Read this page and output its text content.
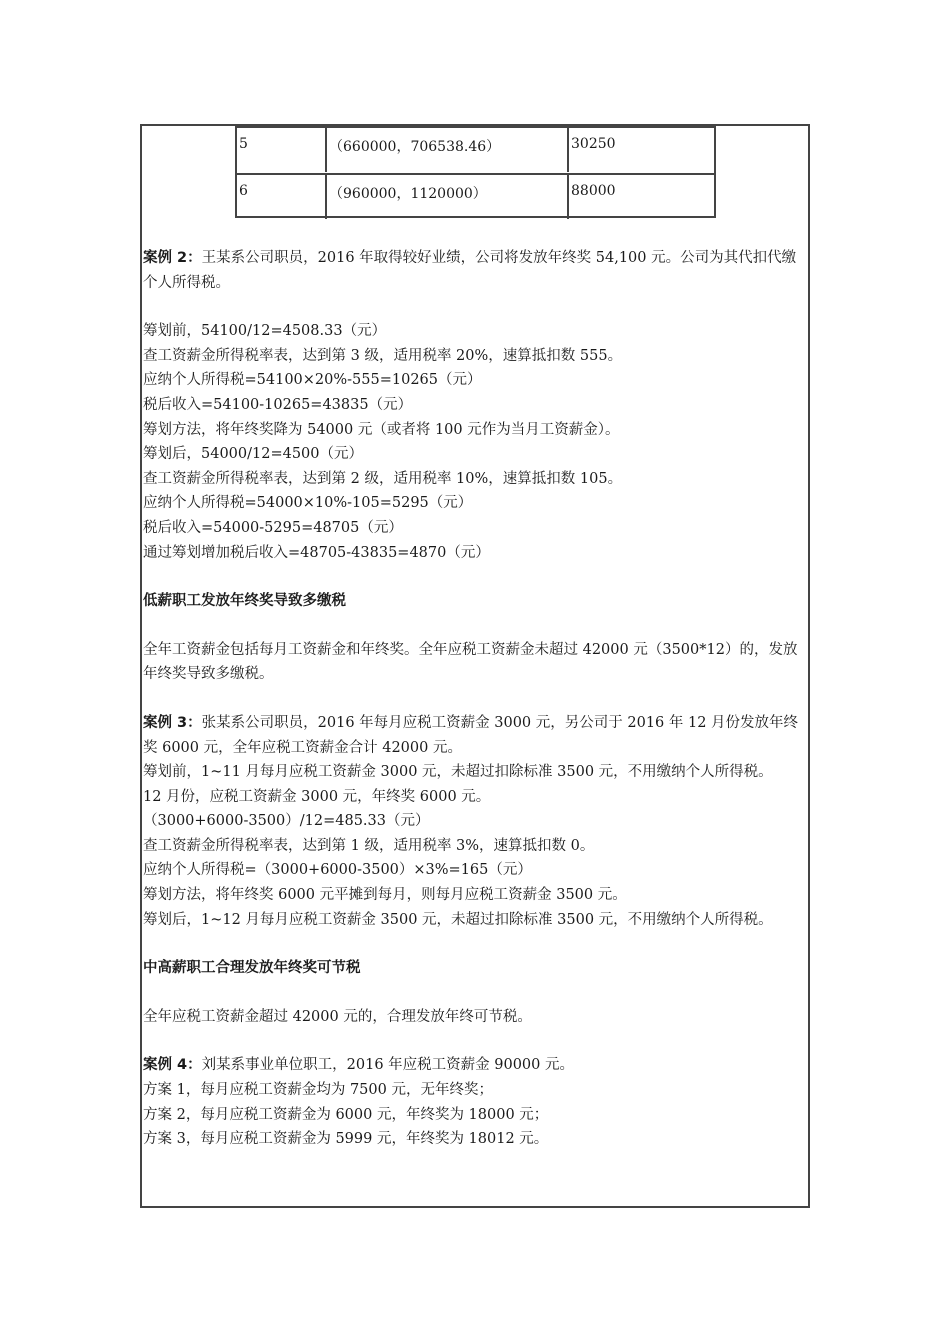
5	（660000，706538.46）	30250
6	（960000，1120000）	88000

案例 2：王某系公司职员，2016 年取得较好业绩，公司将发放年终奖 54,100 元。公司为其代扣代缴个人所得税。

筹划前，54100/12=4508.33（元）

查工资薪金所得税率表，达到第 3 级，适用税率 20%，速算抵扣数 555。

应纳个人所得税=54100×20%-555=10265（元）

税后收入=54100-10265=43835（元）

筹划方法，将年终奖降为 54000 元（或者将 100 元作为当月工资薪金）。

筹划后，54000/12=4500（元）

查工资薪金所得税率表，达到第 2 级，适用税率 10%，速算抵扣数 105。

应纳个人所得税=54000×10%-105=5295（元）

税后收入=54000-5295=48705（元）

通过筹划增加税后收入=48705-43835=4870（元）

低薪职工发放年终奖导致多缴税

全年工资薪金包括每月工资薪金和年终奖。全年应税工资薪金未超过 42000 元（3500*12）的，发放年终奖导致多缴税。

案例 3：张某系公司职员，2016 年每月应税工资薪金 3000 元，另公司于 2016 年 12 月份发放年终奖 6000 元，全年应税工资薪金合计 42000 元。

筹划前，1~11 月每月应税工资薪金 3000 元，未超过扣除标准 3500 元，不用缴纳个人所得税。

12 月份，应税工资薪金 3000 元，年终奖 6000 元。

（3000+6000-3500）/12=485.33（元）

查工资薪金所得税率表，达到第 1 级，适用税率 3%，速算抵扣数 0。

应纳个人所得税=（3000+6000-3500）×3%=165（元）

筹划方法，将年终奖 6000 元平摊到每月，则每月应税工资薪金 3500 元。

筹划后，1~12 月每月应税工资薪金 3500 元，未超过扣除标准 3500 元，不用缴纳个人所得税。

中高薪职工合理发放年终奖可节税

全年应税工资薪金超过 42000 元的，合理发放年终可节税。

案例 4：刘某系事业单位职工，2016 年应税工资薪金 90000 元。

方案 1，每月应税工资薪金均为 7500 元，无年终奖；

方案 2，每月应税工资薪金为 6000 元，年终奖为 18000 元；

方案 3，每月应税工资薪金为 5999 元，年终奖为 18012 元。
